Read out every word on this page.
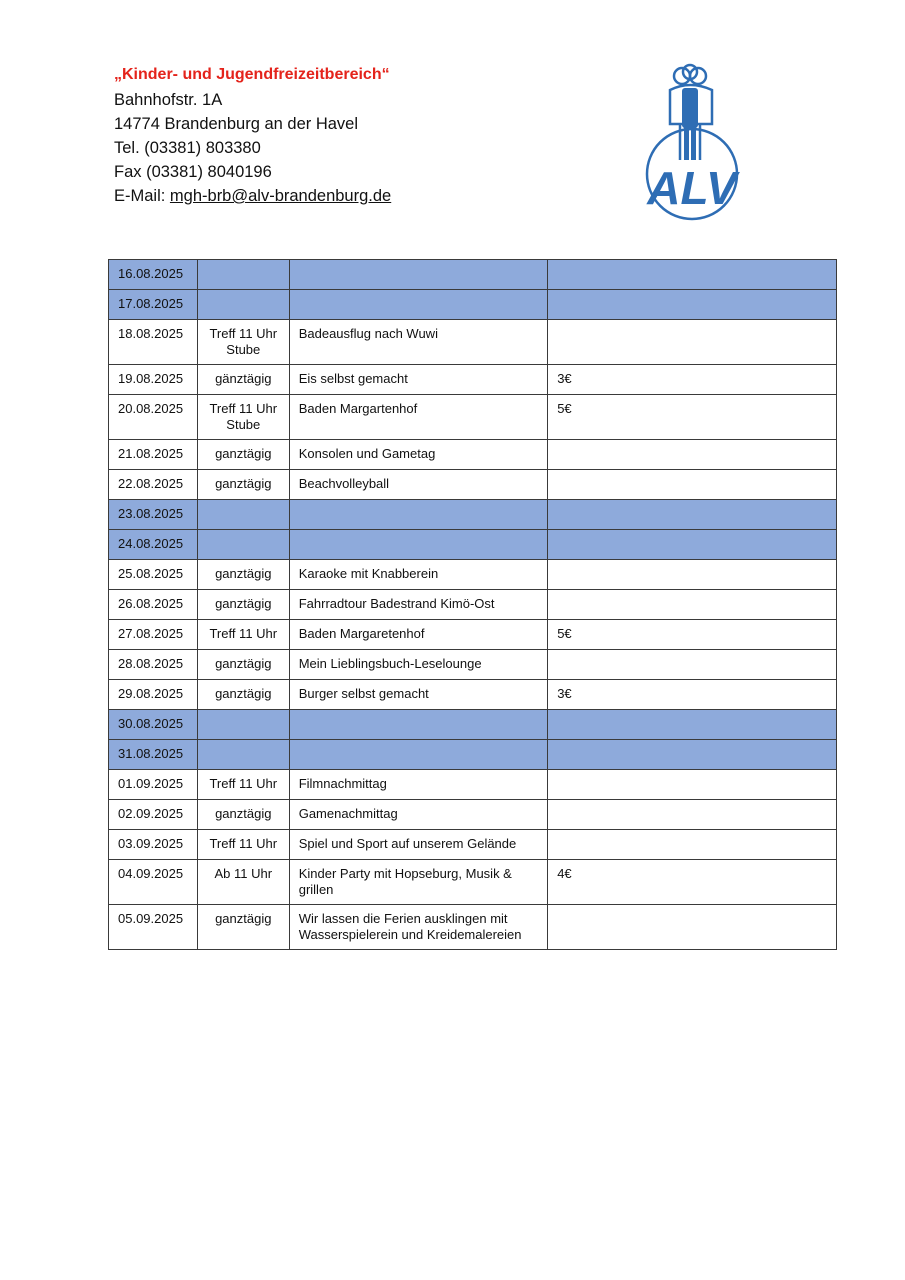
„Kinder- und Jugendfreizeitbereich“
Bahnhofstr. 1A
14774 Brandenburg an der Havel
Tel. (03381) 803380
Fax (03381) 8040196
E-Mail: mgh-brb@alv-brandenburg.de	ALV
16.08.2025			
17.08.2025			
18.08.2025	Treff 11 Uhr Stube	Badeausflug nach Wuwi	
19.08.2025	gänztägig	Eis selbst gemacht	3€
20.08.2025	Treff 11 Uhr Stube	Baden Margartenhof	5€
21.08.2025	ganztägig	Konsolen und Gametag	
22.08.2025	ganztägig	Beachvolleyball	
23.08.2025			
24.08.2025			
25.08.2025	ganztägig	Karaoke mit Knabberein	
26.08.2025	ganztägig	Fahrradtour Badestrand Kimö-Ost	
27.08.2025	Treff 11 Uhr	Baden Margaretenhof	5€
28.08.2025	ganztägig	Mein Lieblingsbuch-Leselounge	
29.08.2025	ganztägig	Burger selbst gemacht	3€
30.08.2025			
31.08.2025			
01.09.2025	Treff 11 Uhr	Filmnachmittag	
02.09.2025	ganztägig	Gamenachmittag	
03.09.2025	Treff 11 Uhr	Spiel und Sport auf unserem Gelände	
04.09.2025	Ab 11 Uhr	Kinder Party mit Hopseburg, Musik & grillen	4€
05.09.2025	ganztägig	Wir lassen die Ferien ausklingen mit Wasserspielerein und Kreidemalereien	
